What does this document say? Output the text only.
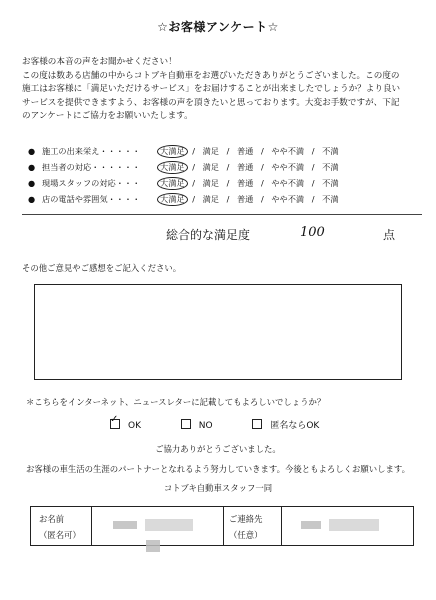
☆お客様アンケート☆
お客様の本音の声をお聞かせください！
この度は数ある店舗の中からコトブキ自動車をお選びいただきありがとうございました。この度の
施工はお客様に「満足いただけるサービス」をお届けすることが出来ましたでしょうか？より良い
サービスを提供できますよう、お客様の声を頂きたいと思っております。大変お手数ですが、下記
のアンケートにご協力をお願いいたします。
● 施工の出来栄え・・・・・ 大満足 / 満足 / 普通 / やや不満 / 不満
● 担当者の対応・・・・・・ 大満足 / 満足 / 普通 / やや不満 / 不満
● 現場スタッフの対応・・・ 大満足 / 満足 / 普通 / やや不満 / 不満
● 店の電話や雰囲気・・・・ 大満足 / 満足 / 普通 / やや不満 / 不満
総合的な満足度	100	点
その他ご意見やご感想をご記入ください。
＊こちらをインターネット、ニュースレターに記載してもよろしいでしょうか？
✓OK	NO	匿名ならOK
ご協力ありがとうございました。
お客様の車生活の生涯のパートナーとなれるよう努力していきます。今後ともよろしくお願いします。
コトブキ自動車スタッフ一同
お名前
（匿名可）
ご連絡先
（任意）
